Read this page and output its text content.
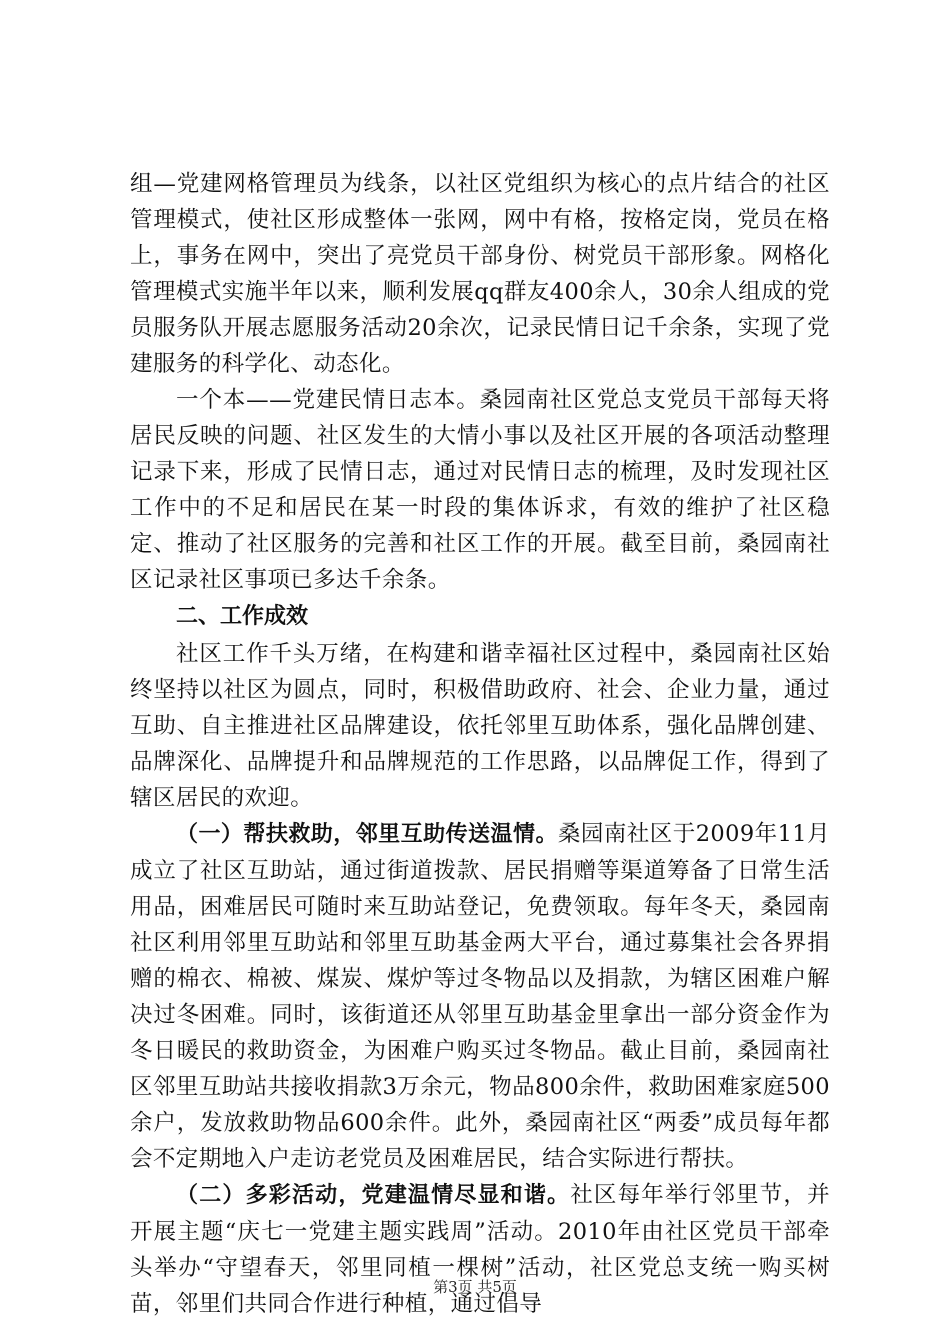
组—党建网格管理员为线条，以社区党组织为核心的点片结合的社区管理模式，使社区形成整体一张网，网中有格，按格定岗，党员在格上，事务在网中，突出了亮党员干部身份、树党员干部形象。网格化管理模式实施半年以来，顺利发展qq群友400余人，30余人组成的党员服务队开展志愿服务活动20余次，记录民情日记千余条，实现了党建服务的科学化、动态化。

一个本——党建民情日志本。桑园南社区党总支党员干部每天将居民反映的问题、社区发生的大情小事以及社区开展的各项活动整理记录下来，形成了民情日志，通过对民情日志的梳理，及时发现社区工作中的不足和居民在某一时段的集体诉求，有效的维护了社区稳定、推动了社区服务的完善和社区工作的开展。截至目前，桑园南社区记录社区事项已多达千余条。

二、工作成效

社区工作千头万绪，在构建和谐幸福社区过程中，桑园南社区始终坚持以社区为圆点，同时，积极借助政府、社会、企业力量，通过互助、自主推进社区品牌建设，依托邻里互助体系，强化品牌创建、品牌深化、品牌提升和品牌规范的工作思路，以品牌促工作，得到了辖区居民的欢迎。

（一）帮扶救助，邻里互助传送温情。桑园南社区于2009年11月成立了社区互助站，通过街道拨款、居民捐赠等渠道筹备了日常生活用品，困难居民可随时来互助站登记，免费领取。每年冬天，桑园南社区利用邻里互助站和邻里互助基金两大平台，通过募集社会各界捐赠的棉衣、棉被、煤炭、煤炉等过冬物品以及捐款，为辖区困难户解决过冬困难。同时，该街道还从邻里互助基金里拿出一部分资金作为冬日暖民的救助资金，为困难户购买过冬物品。截止目前，桑园南社区邻里互助站共接收捐款3万余元，物品800余件，救助困难家庭500余户，发放救助物品600余件。此外，桑园南社区“两委”成员每年都会不定期地入户走访老党员及困难居民，结合实际进行帮扶。

（二）多彩活动，党建温情尽显和谐。社区每年举行邻里节，并开展主题“庆七一党建主题实践周”活动。2010年由社区党员干部牵头举办“守望春天，邻里同植一棵树”活动，社区党总支统一购买树苗，邻里们共同合作进行种植，通过倡导

第3页 共5页
